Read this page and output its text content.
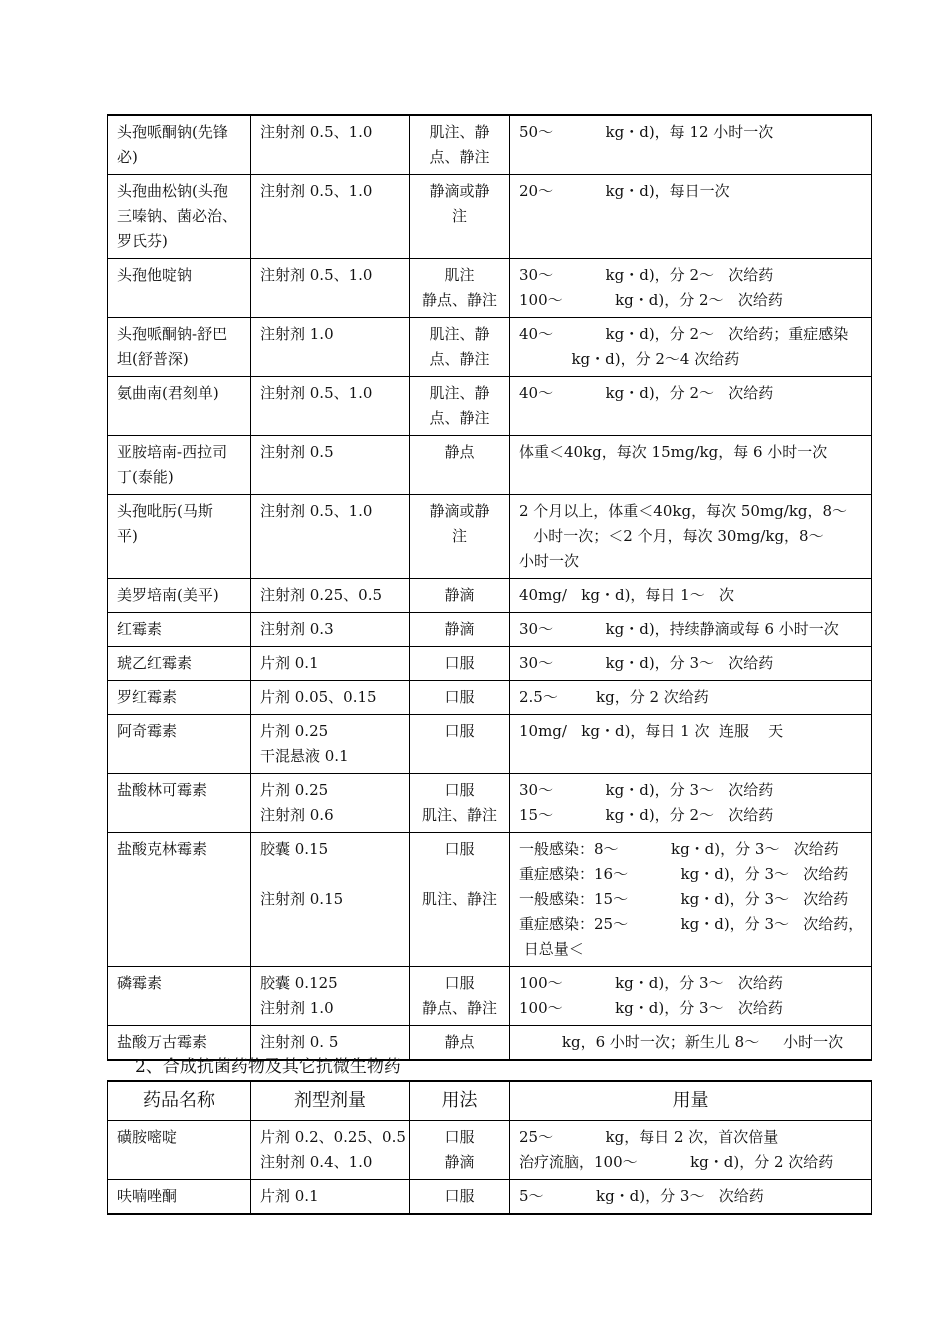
头孢哌酮钠(先锋
必)	注射剂 0.5、1.0	肌注、静
点、静注	50～           kg・d)，每 12 小时一次

头孢曲松钠(头孢
三嗪钠、菌必治、
罗氏芬)	注射剂 0.5、1.0	静滴或静
注	20～           kg・d)，每日一次

头孢他啶钠	注射剂 0.5、1.0	肌注
静点、静注	30～           kg・d)，分 2～   次给药
100～           kg・d)，分 2～   次给药

头孢哌酮钠-舒巴
坦(舒普深)	注射剂 1.0	肌注、静
点、静注	40～           kg・d)，分 2～   次给药；重症感染
kg・d)，分 2～4 次给药

氨曲南(君刻单)	注射剂 0.5、1.0	肌注、静
点、静注	40～           kg・d)，分 2～   次给药

亚胺培南-西拉司
丁(泰能)	注射剂 0.5	静点	体重＜40kg，每次 15mg/kg，每 6 小时一次

头孢吡肟(马斯
平)	注射剂 0.5、1.0	静滴或静
注	2 个月以上，体重＜40kg，每次 50mg/kg，8～
小时一次；＜2 个月，每次 30mg/kg，8～
小时一次

美罗培南(美平)	注射剂 0.25、0.5	静滴	40mg/   kg・d)，每日 1～   次

红霉素	注射剂 0.3	静滴	30～           kg・d)，持续静滴或每 6 小时一次

琥乙红霉素	片剂 0.1	口服	30～           kg・d)，分 3～   次给药

罗红霉素	片剂 0.05、0.15	口服	2.5～        kg，分 2 次给药

阿奇霉素	片剂 0.25
干混悬液 0.1	口服	10mg/   kg・d)，每日 1 次  连服    天

盐酸林可霉素	片剂 0.25
注射剂 0.6	口服
肌注、静注	30～           kg・d)，分 3～   次给药
15～           kg・d)，分 2～   次给药

盐酸克林霉素	胶囊 0.15
注射剂 0.15	口服
肌注、静注	一般感染：8～           kg・d)，分 3～   次给药
重症感染：16～           kg・d)，分 3～   次给药
一般感染：15～           kg・d)，分 3～   次给药
重症感染：25～           kg・d)，分 3～   次给药，
日总量＜

磷霉素	胶囊 0.125
注射剂 1.0	口服
静点、静注	100～           kg・d)，分 3～   次给药
100～           kg・d)，分 3～   次给药

盐酸万古霉素	注射剂 0. 5	静点	kg，6 小时一次；新生儿 8～     小时一次
2、合成抗菌药物及其它抗微生物药
药品名称	剂型剂量	用法	用量

磺胺嘧啶	片剂 0.2、0.25、0.5
注射剂 0.4、1.0	口服
静滴	25～           kg，每日 2 次，首次倍量
治疗流脑，100～           kg・d)，分 2 次给药

呋喃唑酮	片剂 0.1	口服	5～           kg・d)，分 3～   次给药
